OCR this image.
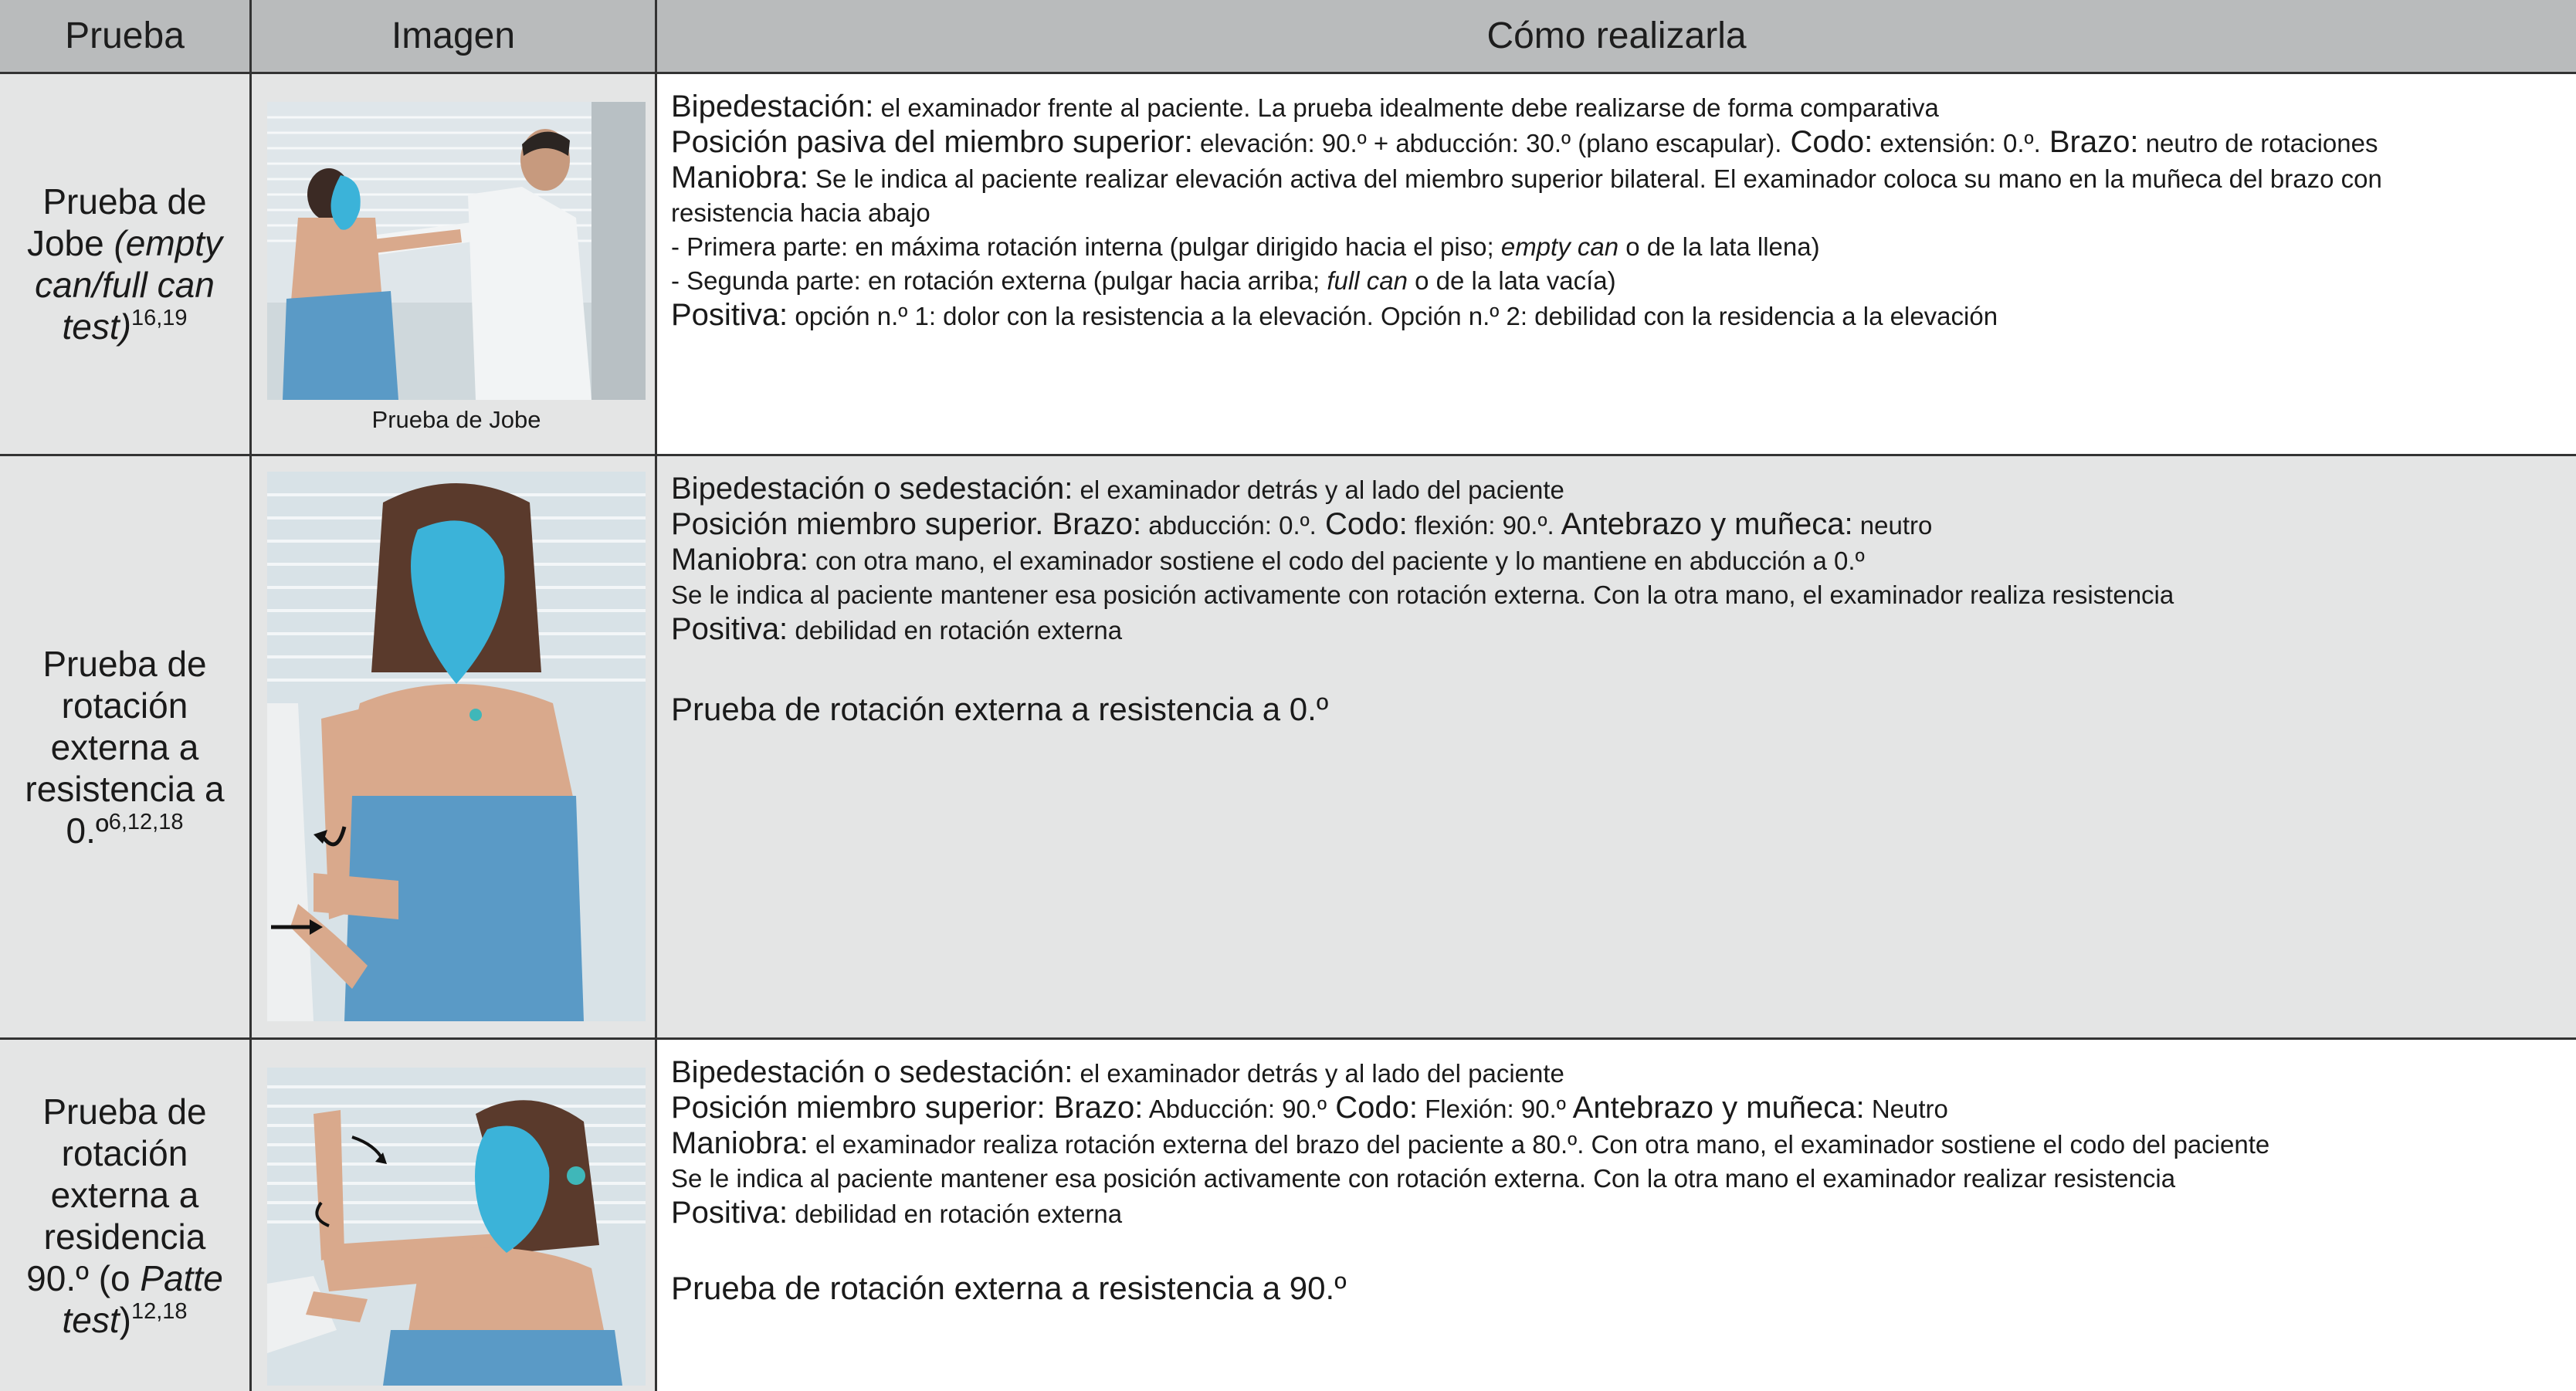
Prueba	Imagen	Cómo realizarla
Prueba de Jobe (empty can/full can test)$^{16,19}$
Prueba de Jobe
Bipedestación: el examinador frente al paciente. La prueba idealmente debe realizarse de forma comparativa
Posición pasiva del miembro superior: elevación: 90.º + abducción: 30.º (plano escapular). Codo: extensión: 0.º. Brazo: neutro de rotaciones
Maniobra: Se le indica al paciente realizar elevación activa del miembro superior bilateral. El examinador coloca su mano en la muñeca del brazo con
resistencia hacia abajo
- Primera parte: en máxima rotación interna (pulgar dirigido hacia el piso; empty can o de la lata llena)
- Segunda parte: en rotación externa (pulgar hacia arriba; full can o de la lata vacía)
Positiva: opción n.º 1: dolor con la resistencia a la elevación. Opción n.º 2: debilidad con la residencia a la elevación
Prueba de rotación externa a resistencia a 0.º$^{6,12,18}$
Bipedestación o sedestación: el examinador detrás y al lado del paciente
Posición miembro superior. Brazo: abducción: 0.º. Codo: flexión: 90.º. Antebrazo y muñeca: neutro
Maniobra: con otra mano, el examinador sostiene el codo del paciente y lo mantiene en abducción a 0.º
Se le indica al paciente mantener esa posición activamente con rotación externa. Con la otra mano, el examinador realiza resistencia
Positiva: debilidad en rotación externa
Prueba de rotación externa a resistencia a 0.º
Prueba de rotación externa a residencia 90.º (o Patte test)$^{12,18}$
Bipedestación o sedestación: el examinador detrás y al lado del paciente
Posición miembro superior: Brazo: Abducción: 90.º Codo: Flexión: 90.º Antebrazo y muñeca: Neutro
Maniobra: el examinador realiza rotación externa del brazo del paciente a 80.º. Con otra mano, el examinador sostiene el codo del paciente
Se le indica al paciente mantener esa posición activamente con rotación externa. Con la otra mano el examinador realizar resistencia
Positiva: debilidad en rotación externa
Prueba de rotación externa a resistencia a 90.º
